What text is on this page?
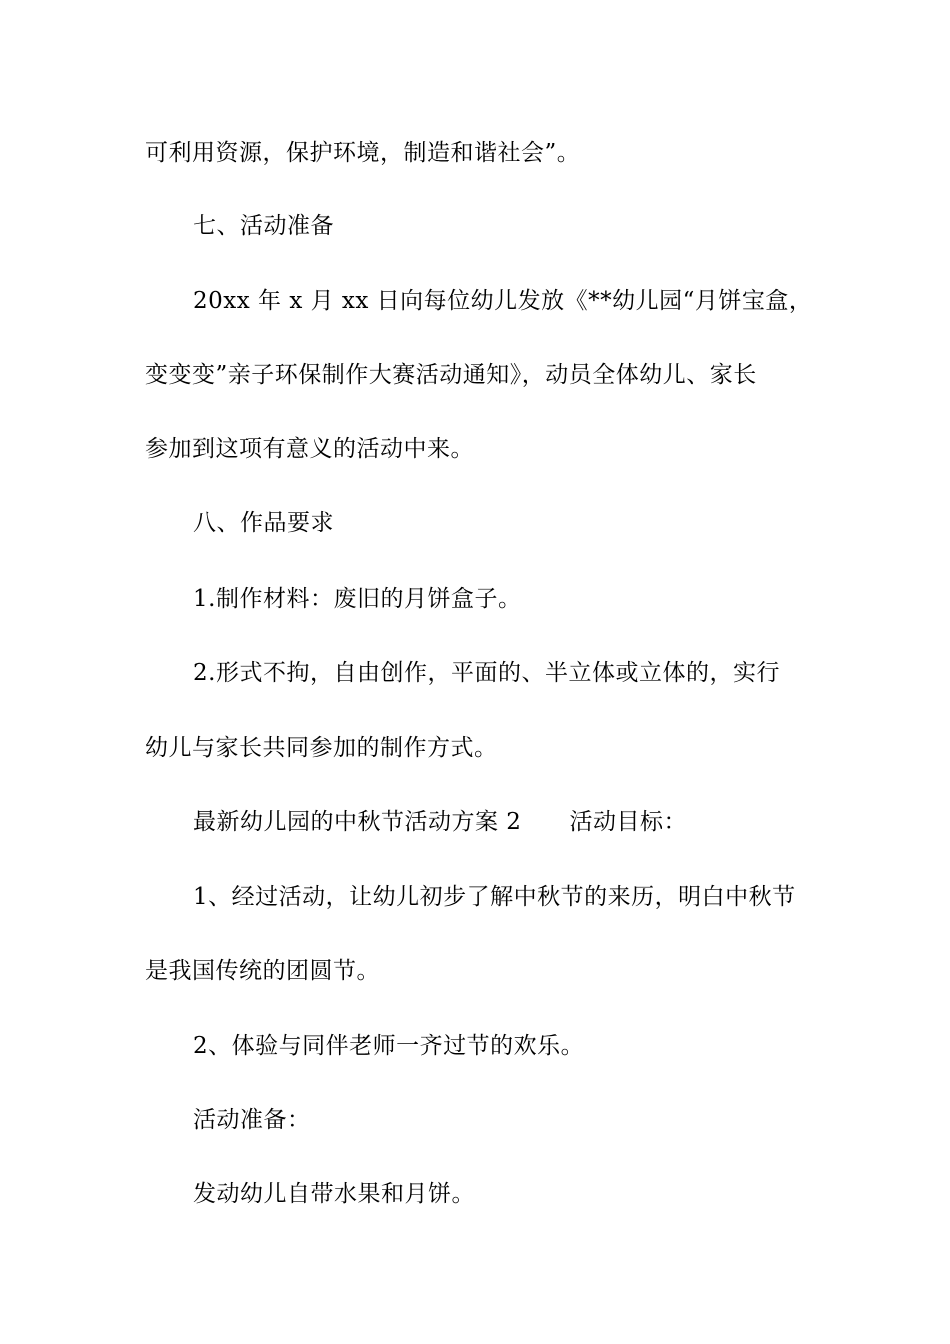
可利用资源，保护环境，制造和谐社会”。
七、活动准备
20xx 年 x 月 xx 日向每位幼儿发放《**幼儿园“月饼宝盒，
变变变”亲子环保制作大赛活动通知》，动员全体幼儿、家长
参加到这项有意义的活动中来。
八、作品要求
1.制作材料：废旧的月饼盒子。
2.形式不拘，自由创作，平面的、半立体或立体的，实行
幼儿与家长共同参加的制作方式。
最新幼儿园的中秋节活动方案 2 活动目标：
1、经过活动，让幼儿初步了解中秋节的来历，明白中秋节
是我国传统的团圆节。
2、体验与同伴老师一齐过节的欢乐。
活动准备：
发动幼儿自带水果和月饼。
